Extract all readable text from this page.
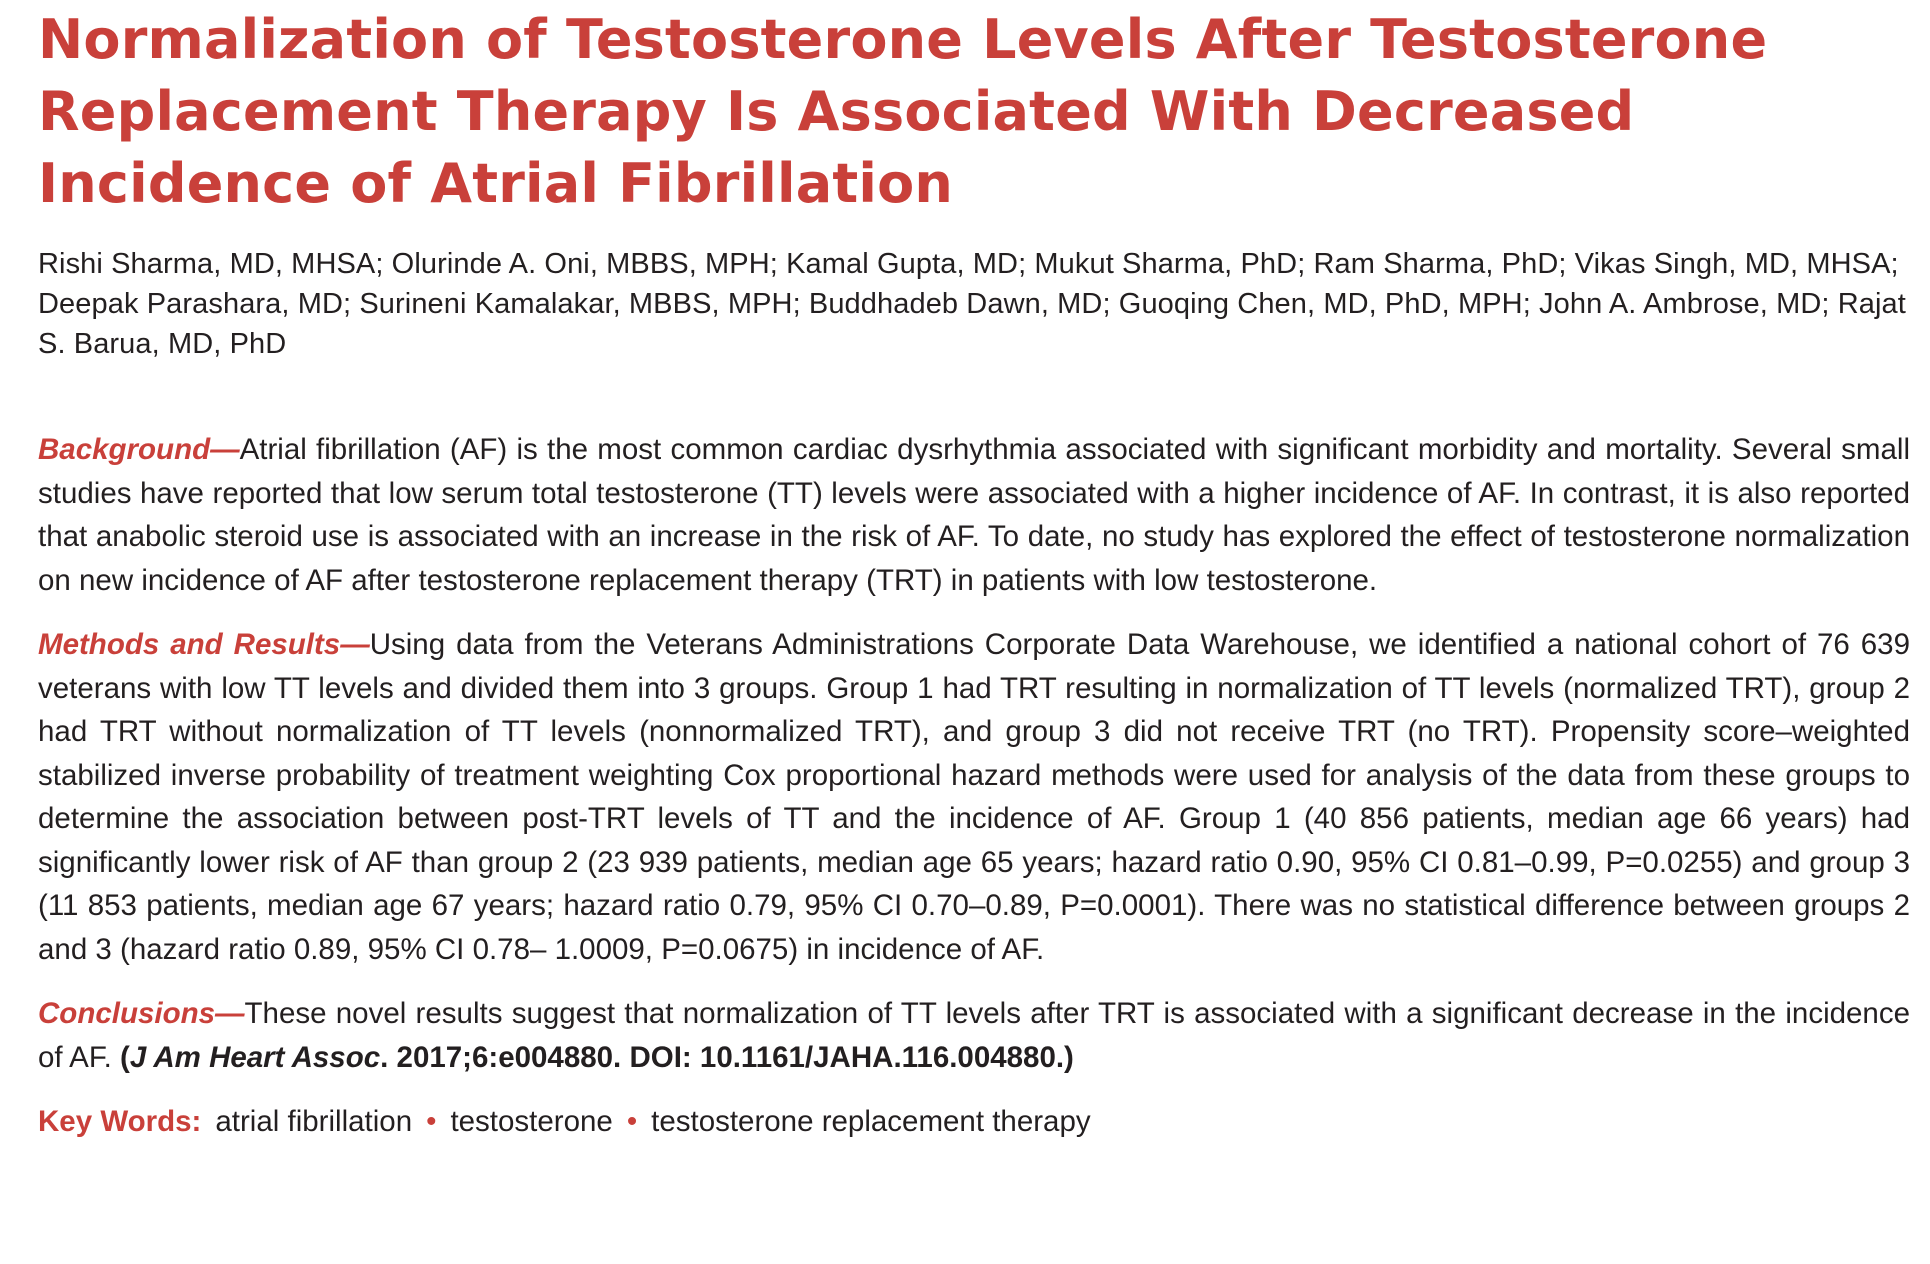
Normalization of Testosterone Levels After Testosterone Replacement Therapy Is Associated With Decreased Incidence of Atrial Fibrillation
Rishi Sharma, MD, MHSA; Olurinde A. Oni, MBBS, MPH; Kamal Gupta, MD; Mukut Sharma, PhD; Ram Sharma, PhD; Vikas Singh, MD, MHSA; Deepak Parashara, MD; Surineni Kamalakar, MBBS, MPH; Buddhadeb Dawn, MD; Guoqing Chen, MD, PhD, MPH; John A. Ambrose, MD; Rajat S. Barua, MD, PhD

Background—Atrial fibrillation (AF) is the most common cardiac dysrhythmia associated with significant morbidity and mortality. Several small studies have reported that low serum total testosterone (TT) levels were associated with a higher incidence of AF. In contrast, it is also reported that anabolic steroid use is associated with an increase in the risk of AF. To date, no study has explored the effect of testosterone normalization on new incidence of AF after testosterone replacement therapy (TRT) in patients with low testosterone.

Methods and Results—Using data from the Veterans Administrations Corporate Data Warehouse, we identified a national cohort of 76 639 veterans with low TT levels and divided them into 3 groups. Group 1 had TRT resulting in normalization of TT levels (normalized TRT), group 2 had TRT without normalization of TT levels (nonnormalized TRT), and group 3 did not receive TRT (no TRT). Propensity score–weighted stabilized inverse probability of treatment weighting Cox proportional hazard methods were used for analysis of the data from these groups to determine the association between post-TRT levels of TT and the incidence of AF. Group 1 (40 856 patients, median age 66 years) had significantly lower risk of AF than group 2 (23 939 patients, median age 65 years; hazard ratio 0.90, 95% CI 0.81–0.99, P=0.0255) and group 3 (11 853 patients, median age 67 years; hazard ratio 0.79, 95% CI 0.70–0.89, P=0.0001). There was no statistical difference between groups 2 and 3 (hazard ratio 0.89, 95% CI 0.78– 1.0009, P=0.0675) in incidence of AF.

Conclusions—These novel results suggest that normalization of TT levels after TRT is associated with a significant decrease in the incidence of AF. (J Am Heart Assoc. 2017;6:e004880. DOI: 10.1161/JAHA.116.004880.)

Key Words: atrial fibrillation • testosterone • testosterone replacement therapy
